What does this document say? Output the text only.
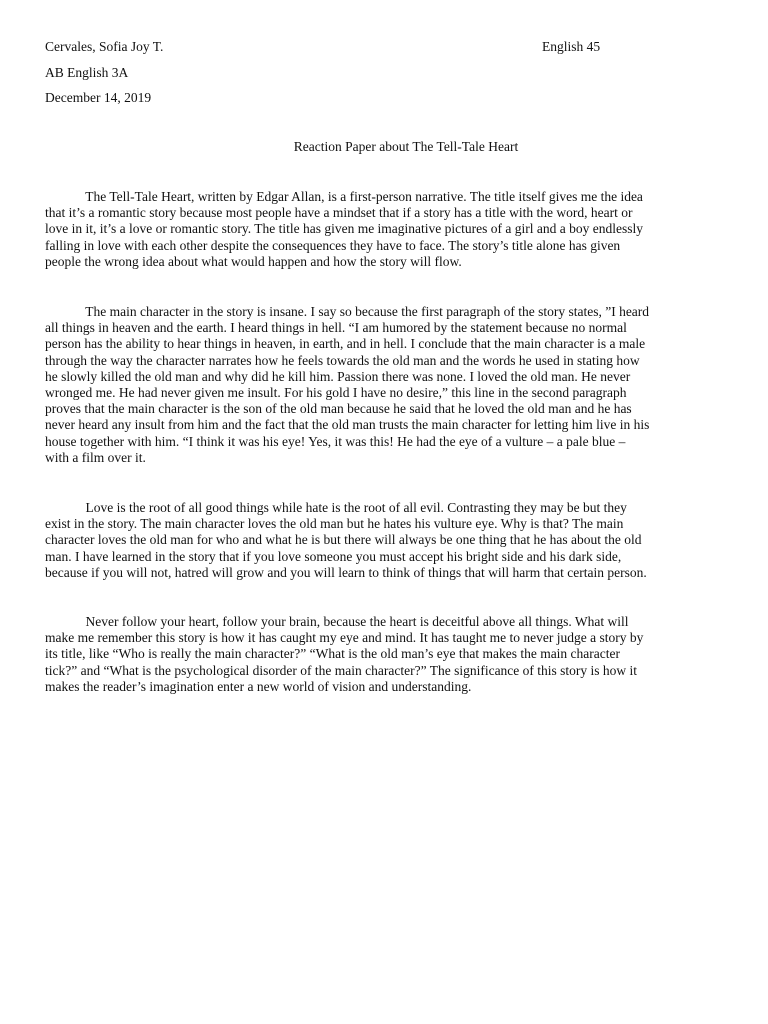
Cervales, Sofia Joy T.	English 45
AB English 3A
December 14, 2019
Reaction Paper about The Tell-Tale Heart
The Tell-Tale Heart, written by Edgar Allan, is a first-person narrative. The title itself gives me the idea
that it’s a romantic story because most people have a mindset that if a story has a title with the word, heart or
love in it, it’s a love or romantic story. The title has given me imaginative pictures of a girl and a boy endlessly
falling in love with each other despite the consequences they have to face. The story’s title alone has given
people the wrong idea about what would happen and how the story will flow.
The main character in the story is insane. I say so because the first paragraph of the story states, ”I heard
all things in heaven and the earth. I heard things in hell. “I am humored by the statement because no normal
person has the ability to hear things in heaven, in earth, and in hell. I conclude that the main character is a male
through the way the character narrates how he feels towards the old man and the words he used in stating how
he slowly killed the old man and why did he kill him. Passion there was none. I loved the old man. He never
wronged me. He had never given me insult. For his gold I have no desire,” this line in the second paragraph
proves that the main character is the son of the old man because he said that he loved the old man and he has
never heard any insult from him and the fact that the old man trusts the main character for letting him live in his
house together with him. “I think it was his eye! Yes, it was this! He had the eye of a vulture – a pale blue –
with a film over it.
Love is the root of all good things while hate is the root of all evil. Contrasting they may be but they
exist in the story. The main character loves the old man but he hates his vulture eye. Why is that? The main
character loves the old man for who and what he is but there will always be one thing that he has about the old
man. I have learned in the story that if you love someone you must accept his bright side and his dark side,
because if you will not, hatred will grow and you will learn to think of things that will harm that certain person.
Never follow your heart, follow your brain, because the heart is deceitful above all things. What will
make me remember this story is how it has caught my eye and mind. It has taught me to never judge a story by
its title, like “Who is really the main character?” “What is the old man’s eye that makes the main character
tick?” and “What is the psychological disorder of the main character?” The significance of this story is how it
makes the reader’s imagination enter a new world of vision and understanding.
